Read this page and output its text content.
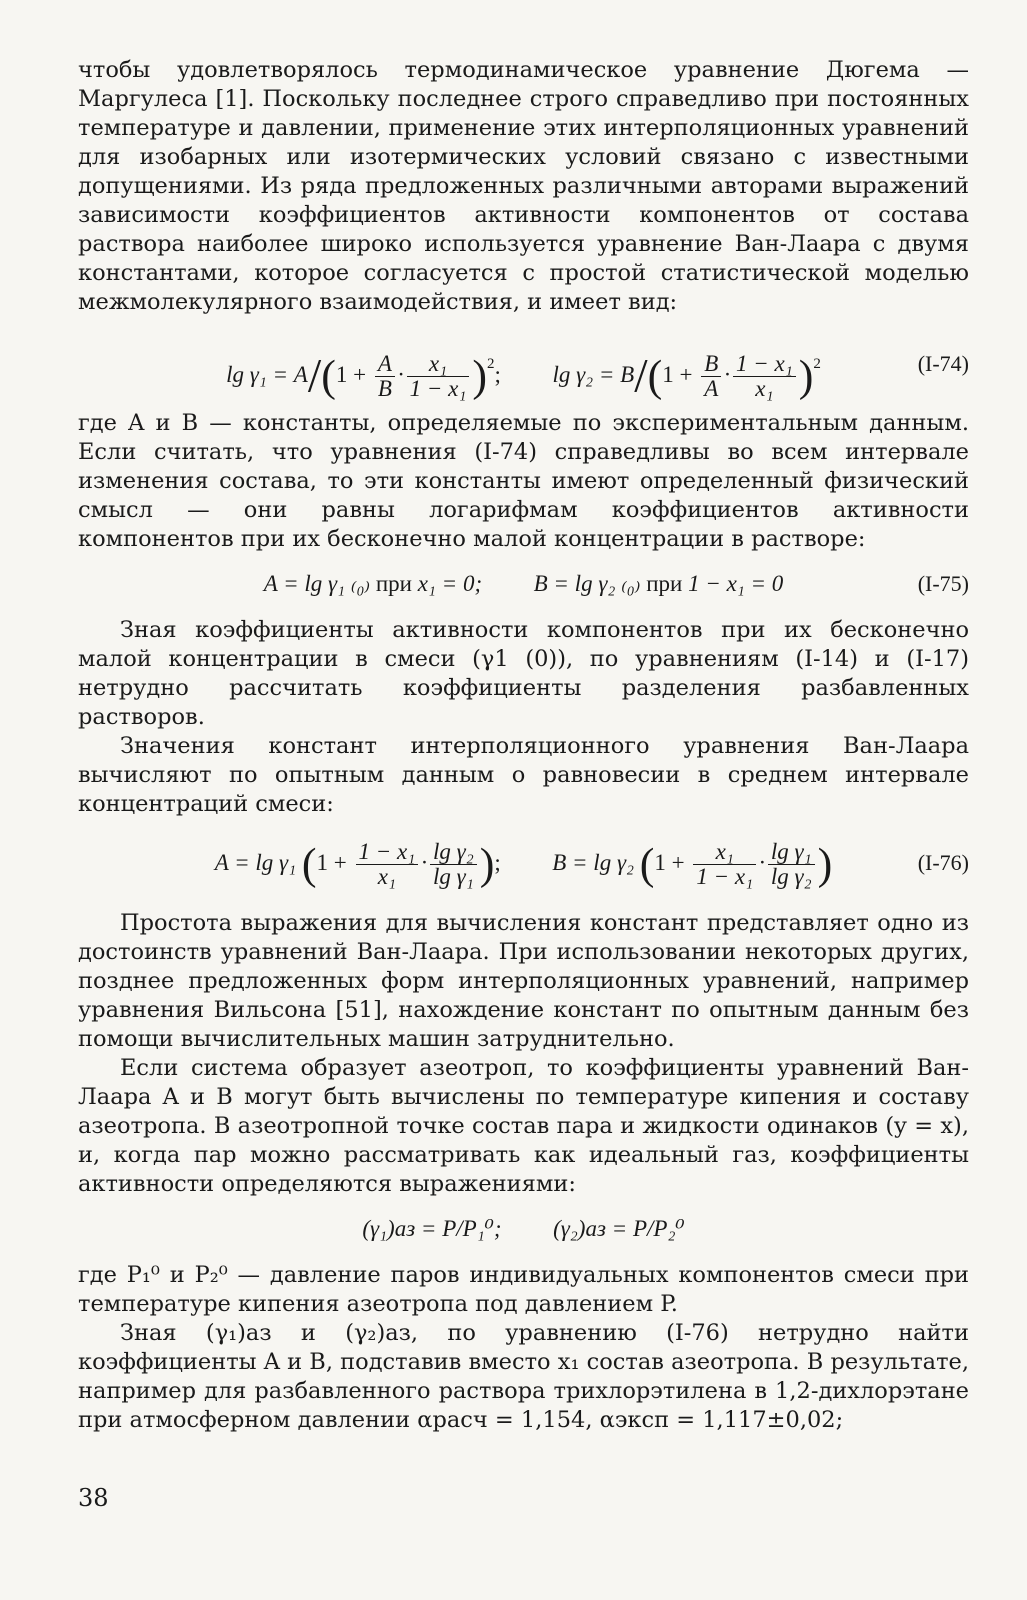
чтобы удовлетворялось термодинамическое уравнение Дюгема — Маргулеса [1]. Поскольку последнее строго справедливо при постоянных температуре и давлении, применение этих интерполяционных уравнений для изобарных или изотермических условий связано с известными допущениями. Из ряда предложенных различными авторами выражений зависимости коэффициентов активности компонентов от состава раствора наиболее широко используется уравнение Ван-Лаара с двумя константами, которое согласуется с простой статистической моделью межмолекулярного взаимодействия, и имеет вид:

$\lg \gamma_1 = A/(1 + \frac{A}{B} \cdot \frac{\text{x₁}}{\text{1 − x₁}} )^2$; $\lg \gamma_2 = B/(1 + \frac{B}{A} \cdot \frac{\text{1 − x₁}}{\text{x₁}} )^2$	(I-74)

где A и B — константы, определяемые по экспериментальным данным. Если считать, что уравнения (I-74) справедливы во всем интервале изменения состава, то эти константы имеют определенный физический смысл — они равны логарифмам коэффициентов активности компонентов при их бесконечно малой концентрации в растворе:

A = lg γ₁ ₍₀₎ при x₁ = 0; B = lg γ₂ ₍₀₎ при 1 − x₁ = 0	(I-75)

Зная коэффициенты активности компонентов при их бесконечно малой концентрации в смеси (γ1 (0)), по уравнениям (I-14) и (I-17) нетрудно рассчитать коэффициенты разделения разбавленных растворов.

Значения констант интерполяционного уравнения Ван-Лаара вычисляют по опытным данным о равновесии в среднем интервале концентраций смеси:

A = lg γ₁ ($1 + \frac{\text{1 − x₁}}{\text{x₁}} \cdot \frac{\text{lg γ₂}}{\text{lg γ₁}}$ ); B = lg γ₂ ($1 + \frac{\text{x₁}}{\text{1 − x₁}} \cdot \frac{\text{lg γ₁}}{\text{lg γ₂}}$ )	(I-76)

Простота выражения для вычисления констант представляет одно из достоинств уравнений Ван-Лаара. При использовании некоторых других, позднее предложенных форм интерполяционных уравнений, например уравнения Вильсона [51], нахождение констант по опытным данным без помощи вычислительных машин затруднительно.

Если система образует азеотроп, то коэффициенты уравнений Ван-Лаара A и B могут быть вычислены по температуре кипения и составу азеотропа. В азеотропной точке состав пара и жидкости одинаков (y = x), и, когда пар можно рассматривать как идеальный газ, коэффициенты активности определяются выражениями:

(γ₁)аз = P/P₁⁰; (γ₂)аз = P/P₂⁰

где P₁⁰ и P₂⁰ — давление паров индивидуальных компонентов смеси при температуре кипения азеотропа под давлением P.

Зная (γ₁)аз и (γ₂)аз, по уравнению (I-76) нетрудно найти коэффициенты A и B, подставив вместо x₁ состав азеотропа. В результате, например для разбавленного раствора трихлорэтилена в 1,2-дихлорэтане при атмосферном давлении αрасч = 1,154, αэксп = 1,117±0,02;

38
